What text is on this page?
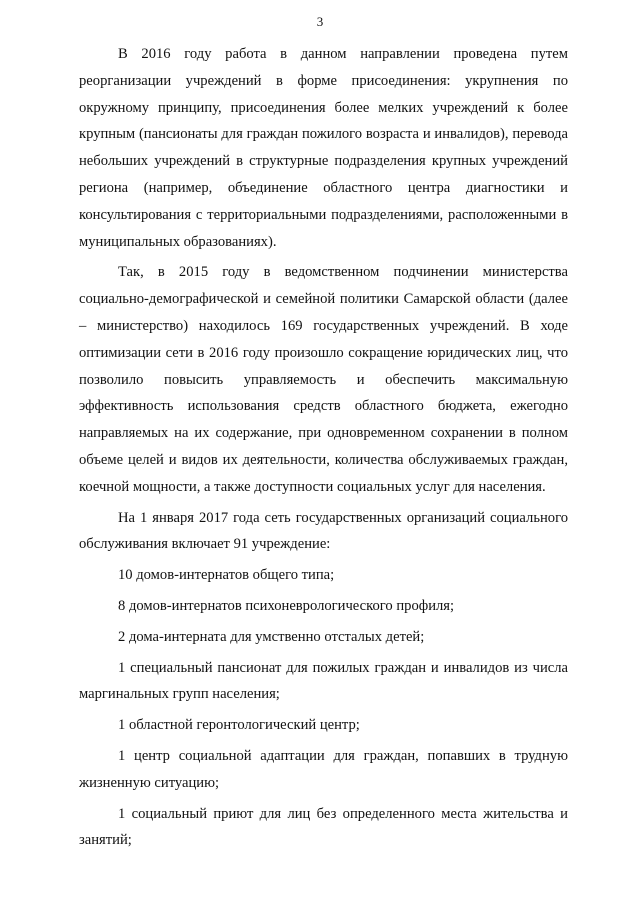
3

В 2016 году работа в данном направлении проведена путем реорганизации учреждений в форме присоединения: укрупнения по окружному принципу, присоединения более мелких учреждений к более крупным (пансионаты для граждан пожилого возраста и инвалидов), перевода небольших учреждений в структурные подразделения крупных учреждений региона (например, объединение областного центра диагностики и консультирования с территориальными подразделениями, расположенными в муниципальных образованиях).

Так, в 2015 году в ведомственном подчинении министерства социально-демографической и семейной политики Самарской области (далее – министерство) находилось 169 государственных учреждений. В ходе оптимизации сети в 2016 году произошло сокращение юридических лиц, что позволило повысить управляемость и обеспечить максимальную эффективность использования средств областного бюджета, ежегодно направляемых на их содержание, при одновременном сохранении в полном объеме целей и видов их деятельности, количества обслуживаемых граждан, коечной мощности, а также доступности социальных услуг для населения.

На 1 января 2017 года сеть государственных организаций социального обслуживания включает 91 учреждение:

10 домов-интернатов общего типа;

8 домов-интернатов психоневрологического профиля;

2 дома-интерната для умственно отсталых детей;

1 специальный пансионат для пожилых граждан и инвалидов из числа маргинальных групп населения;

1 областной геронтологический центр;

1 центр социальной адаптации для граждан, попавших в трудную жизненную ситуацию;

1 социальный приют для лиц без определенного места жительства и занятий;
